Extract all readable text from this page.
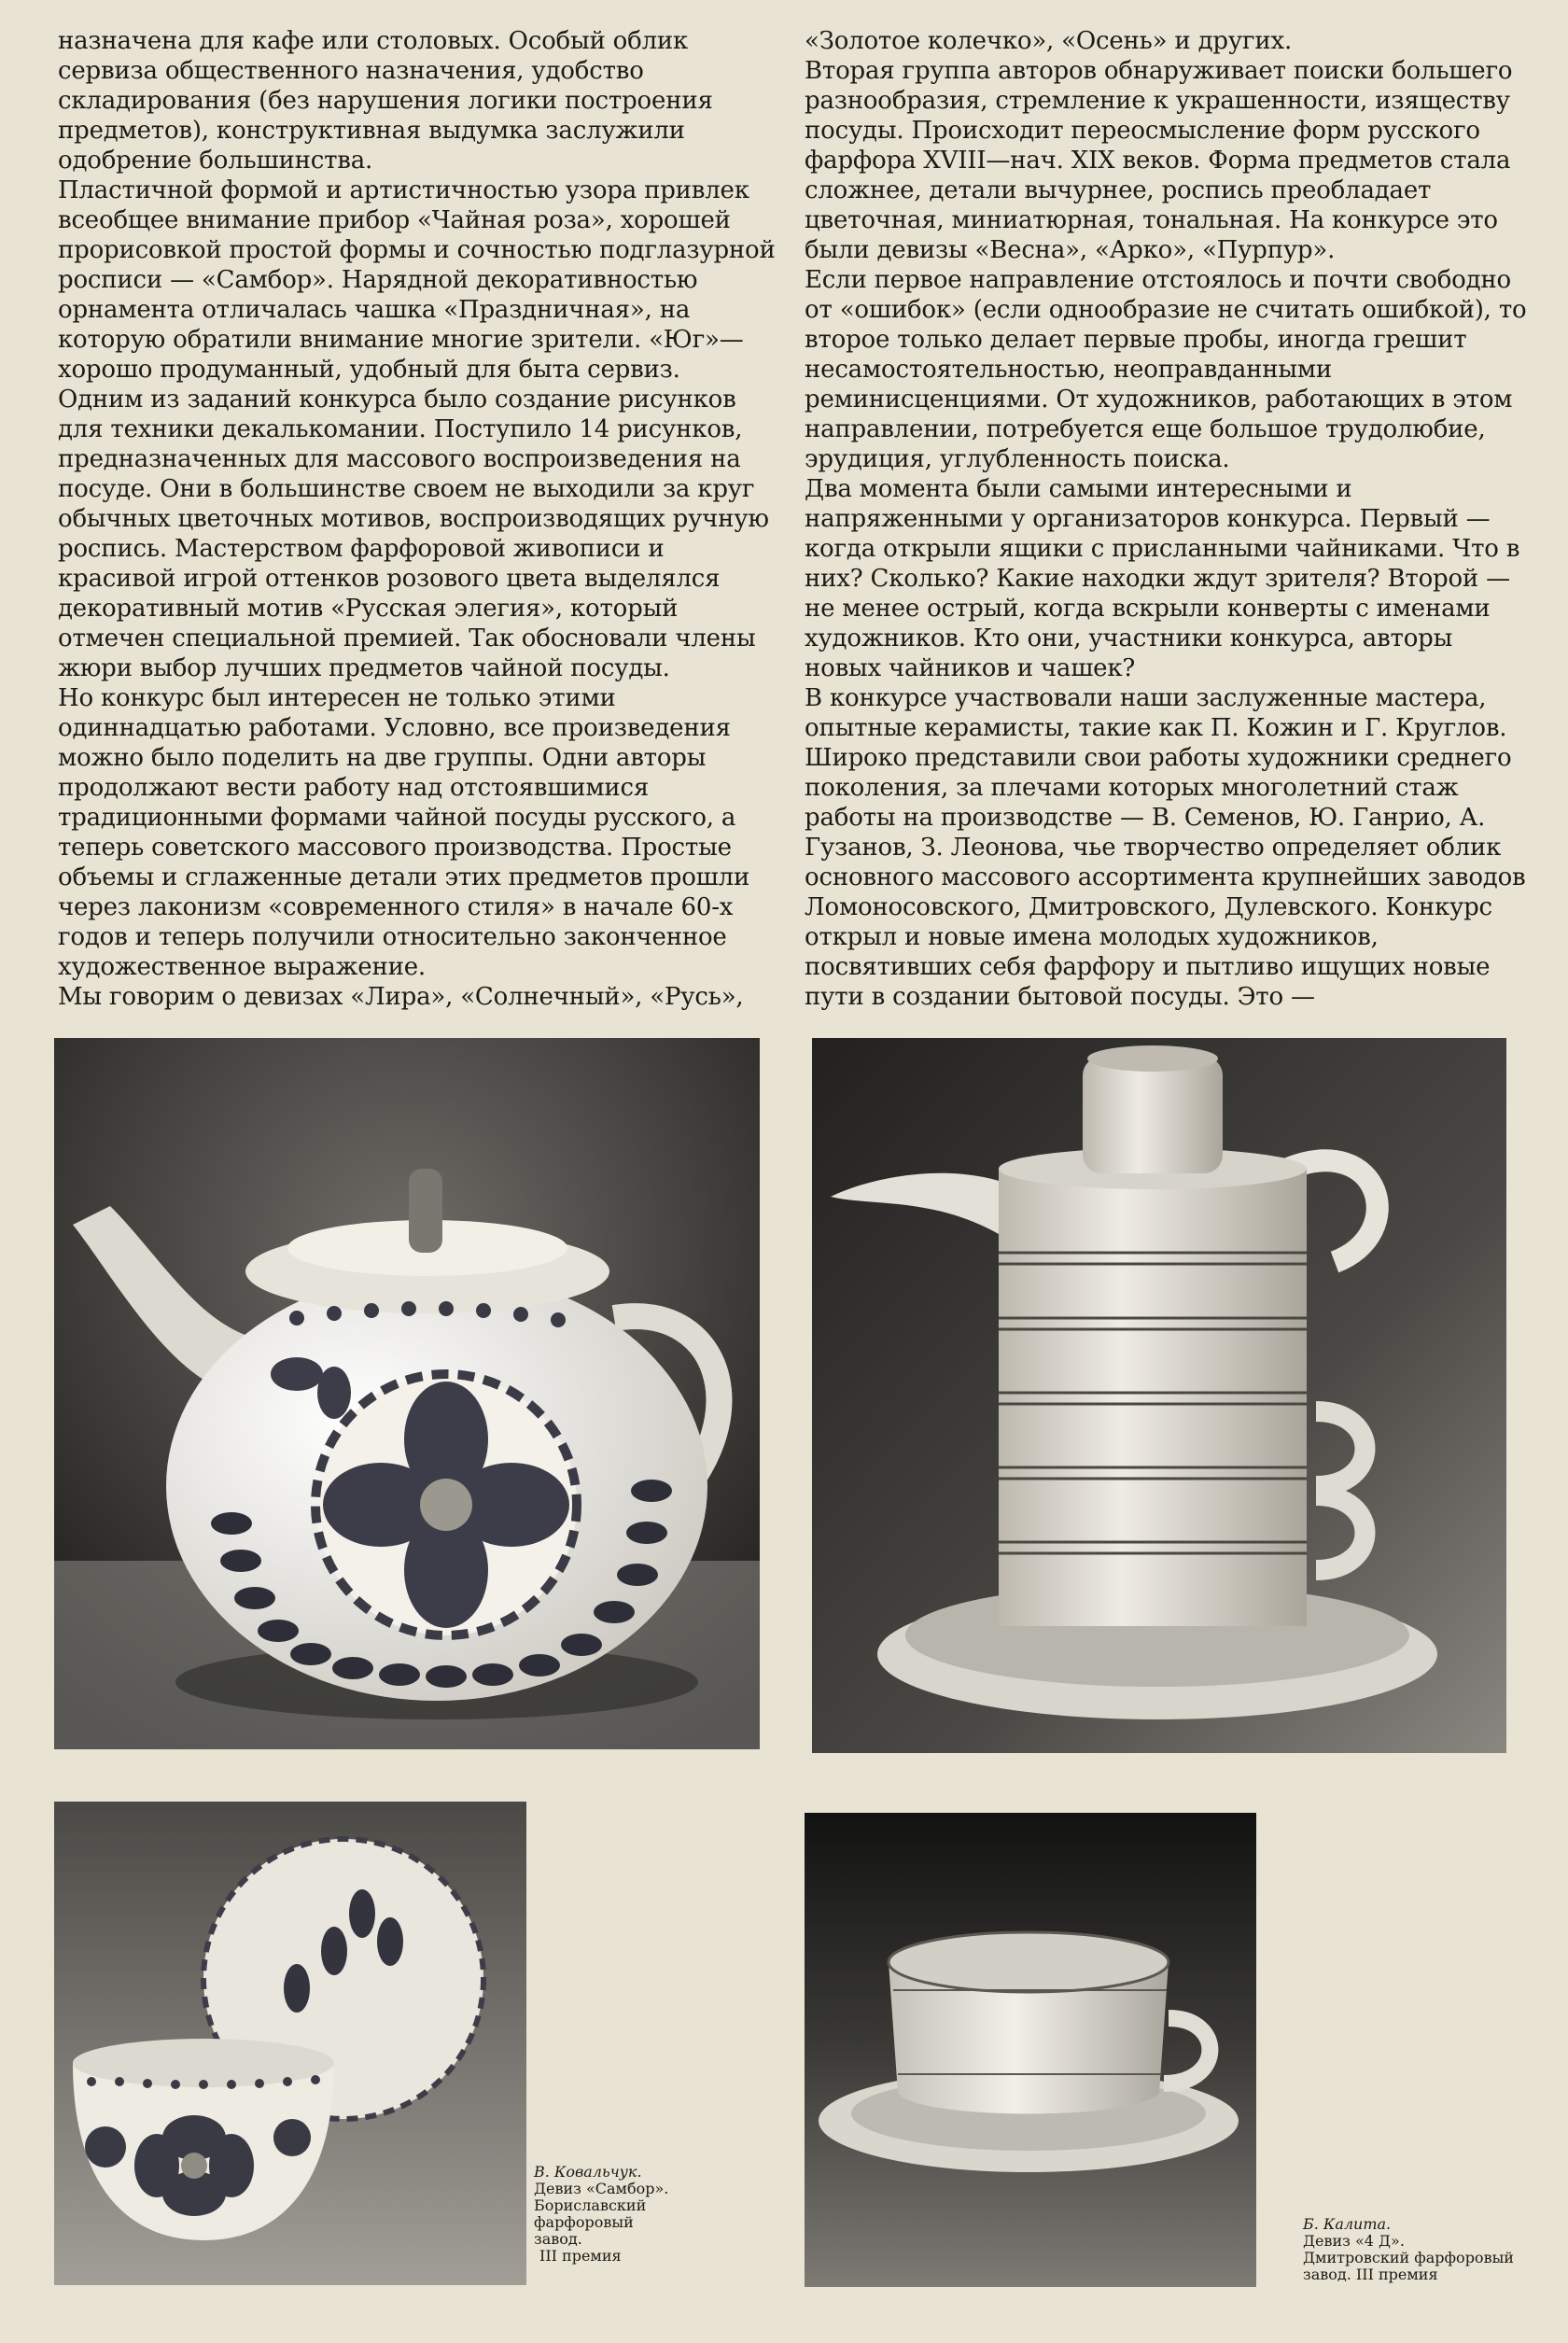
назначена для кафе или столовых. Особый облик сервиза общественного назначения, удобство складирования (без нарушения логики построения предметов), конструктивная выдумка заслужили одобрение большинства.

Пластичной формой и артистичностью узора привлек всеобщее внимание прибор «Чайная роза», хорошей прорисовкой простой формы и сочностью подглазурной росписи — «Самбор». Нарядной декоративностью орнамента отличалась чашка «Праздничная», на которую обратили внимание многие зрители. «Юг»— хорошо продуманный, удобный для быта сервиз.

Одним из заданий конкурса было создание рисунков для техники декалькомании. Поступило 14 рисунков, предназначенных для массового воспроизведения на посуде. Они в большинстве своем не выходили за круг обычных цветочных мотивов, воспроизводящих ручную роспись. Мастерством фарфоровой живописи и красивой игрой оттенков розового цвета выделялся декоративный мотив «Русская элегия», который отмечен специальной премией. Так обосновали члены жюри выбор лучших предметов чайной посуды.

Но конкурс был интересен не только этими одиннадцатью работами. Условно, все произведения можно было поделить на две группы. Одни авторы продолжают вести работу над отстоявшимися традиционными формами чайной посуды русского, а теперь советского массового производства. Простые объемы и сглаженные детали этих предметов прошли через лаконизм «современного стиля» в начале 60-х годов и теперь получили относительно законченное художественное выражение.

Мы говорим о девизах «Лира», «Солнечный», «Русь»,

«Золотое колечко», «Осень» и других.

Вторая группа авторов обнаруживает поиски большего разнообразия, стремление к украшенности, изяществу посуды. Происходит переосмысление форм русского фарфора XVIII—нач. XIX веков. Форма предметов стала сложнее, детали вычурнее, роспись преобладает цветочная, миниатюрная, тональная. На конкурсе это были девизы «Весна», «Арко», «Пурпур».

Если первое направление отстоялось и почти свободно от «ошибок» (если однообразие не считать ошибкой), то второе только делает первые пробы, иногда грешит несамостоятельностью, неоправданными реминисценциями. От художников, работающих в этом направлении, потребуется еще большое трудолюбие, эрудиция, углубленность поиска.

Два момента были самыми интересными и напряженными у организаторов конкурса. Первый — когда открыли ящики с присланными чайниками. Что в них? Сколько? Какие находки ждут зрителя? Второй — не менее острый, когда вскрыли конверты с именами художников. Кто они, участники конкурса, авторы новых чайников и чашек?

В конкурсе участвовали наши заслуженные мастера, опытные керамисты, такие как П. Кожин и Г. Круглов. Широко представили свои работы художники среднего поколения, за плечами которых многолетний стаж работы на производстве — В. Семенов, Ю. Ганрио, А. Гузанов, З. Леонова, чье творчество определяет облик основного массового ассортимента крупнейших заводов Ломоносовского, Дмитровского, Дулевского. Конкурс открыл и новые имена молодых художников, посвятивших себя фарфору и пытливо ищущих новые пути в создании бытовой посуды. Это —

В. Ковальчук.
Девиз «Самбор».
Бориславский
фарфоровый
завод.
III премия
Б. Калита.
Девиз «4 Д».
Дмитровский фарфоровый
завод. III премия
